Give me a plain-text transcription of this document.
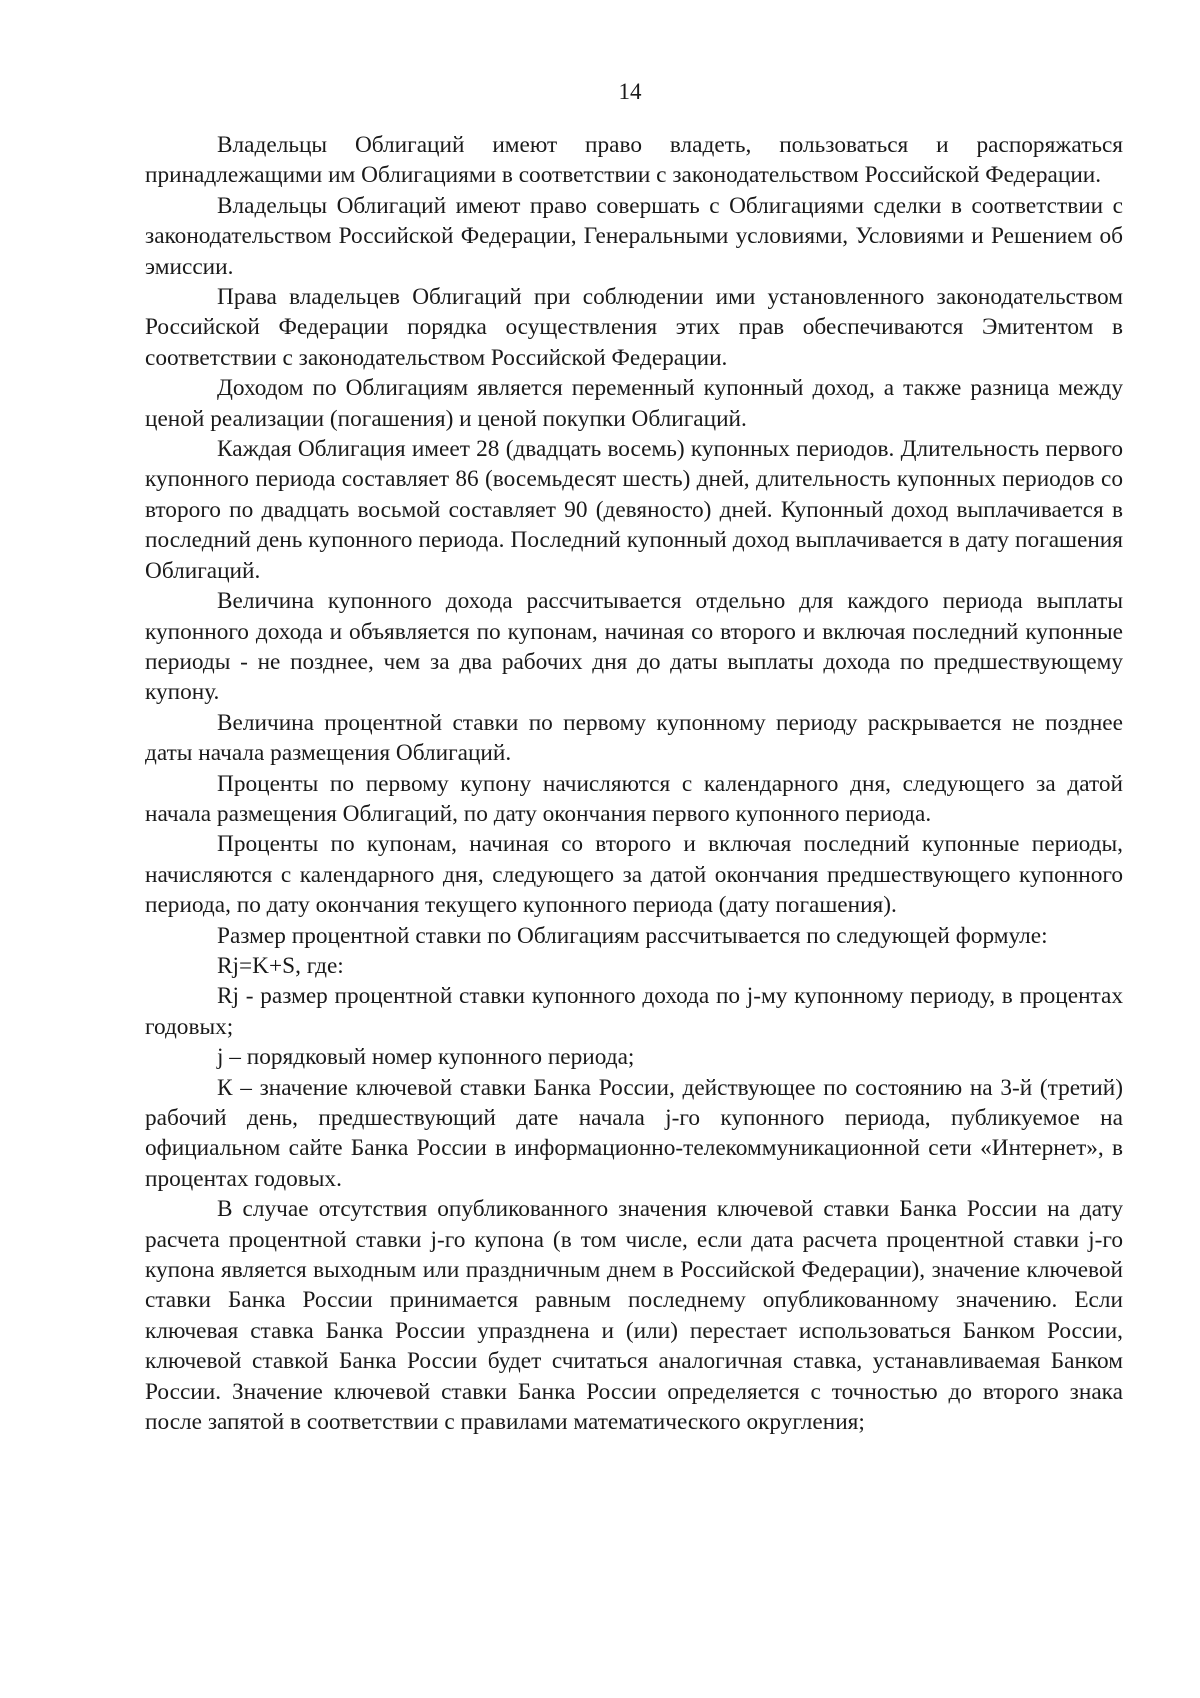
14

Владельцы Облигаций имеют право владеть, пользоваться и распоряжаться принадлежащими им Облигациями в соответствии с законодательством Российской Федерации.

Владельцы Облигаций имеют право совершать с Облигациями сделки в соответствии с законодательством Российской Федерации, Генеральными условиями, Условиями и Решением об эмиссии.

Права владельцев Облигаций при соблюдении ими установленного законодательством Российской Федерации порядка осуществления этих прав обеспечиваются Эмитентом в соответствии с законодательством Российской Федерации.

Доходом по Облигациям является переменный купонный доход, а также разница между ценой реализации (погашения) и ценой покупки Облигаций.

Каждая Облигация имеет 28 (двадцать восемь) купонных периодов. Длительность первого купонного периода составляет 86 (восемьдесят шесть) дней, длительность купонных периодов со второго по двадцать восьмой составляет 90 (девяносто) дней. Купонный доход выплачивается в последний день купонного периода. Последний купонный доход выплачивается в дату погашения Облигаций.

Величина купонного дохода рассчитывается отдельно для каждого периода выплаты купонного дохода и объявляется по купонам, начиная со второго и включая последний купонные периоды - не позднее, чем за два рабочих дня до даты выплаты дохода по предшествующему купону.

Величина процентной ставки по первому купонному периоду раскрывается не позднее даты начала размещения Облигаций.

Проценты по первому купону начисляются с календарного дня, следующего за датой начала размещения Облигаций, по дату окончания первого купонного периода.

Проценты по купонам, начиная со второго и включая последний купонные периоды, начисляются с календарного дня, следующего за датой окончания предшествующего купонного периода, по дату окончания текущего купонного периода (дату погашения).

Размер процентной ставки по Облигациям рассчитывается по следующей формуле:

Rj=K+S, где:

Rj - размер процентной ставки купонного дохода по j-му купонному периоду, в процентах годовых;

j – порядковый номер купонного периода;

К – значение ключевой ставки Банка России, действующее по состоянию на 3-й (третий) рабочий день, предшествующий дате начала j-го купонного периода, публикуемое на официальном сайте Банка России в информационно-телекоммуникационной сети «Интернет», в процентах годовых.

В случае отсутствия опубликованного значения ключевой ставки Банка России на дату расчета процентной ставки j-го купона (в том числе, если дата расчета процентной ставки j-го купона является выходным или праздничным днем в Российской Федерации), значение ключевой ставки Банка России принимается равным последнему опубликованному значению. Если ключевая ставка Банка России упразднена и (или) перестает использоваться Банком России, ключевой ставкой Банка России будет считаться аналогичная ставка, устанавливаемая Банком России. Значение ключевой ставки Банка России определяется с точностью до второго знака после запятой в соответствии с правилами математического округления;
